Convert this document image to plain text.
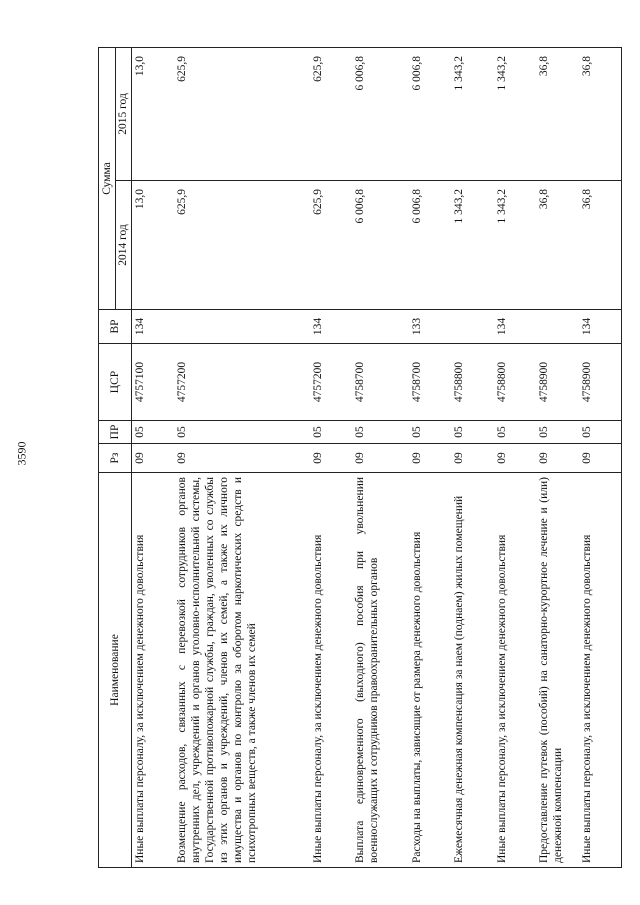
3590
Наименование	Рз	ПР	ЦСР	ВР	Сумма	
					2014 год	2015 год
Иные выплаты персоналу, за исключением денежного довольствия	09	05	4757100	134	13,0	13,0
Возмещение расходов, связанных с перевозкой сотрудников органов внутренних дел, учреждений и органов уголовно-исполнительной системы, Государственной противопожарной службы, граждан, уволенных со службы из этих органов и учреждений, членов их семей, а также их личного имущества и органов по контролю за оборотом наркотических средств и психотропных веществ, а также членов их семей	09	05	4757200		625,9	625,9
Иные выплаты персоналу, за исключением денежного довольствия	09	05	4757200	134	625,9	625,9
Выплата единовременного (выходного) пособия при увольнении военнослужащих и сотрудников правоохранительных органов	09	05	4758700		6 006,8	6 006,8
Расходы на выплаты, зависящие от размера денежного довольствия	09	05	4758700	133	6 006,8	6 006,8
Ежемесячная денежная компенсация за наем (поднаем) жилых помещений	09	05	4758800		1 343,2	1 343,2
Иные выплаты персоналу, за исключением денежного довольствия	09	05	4758800	134	1 343,2	1 343,2
Предоставление путевок (пособий) на санаторно-курортное лечение и (или) денежной компенсации	09	05	4758900		36,8	36,8
Иные выплаты персоналу, за исключением денежного довольствия	09	05	4758900	134	36,8	36,8
